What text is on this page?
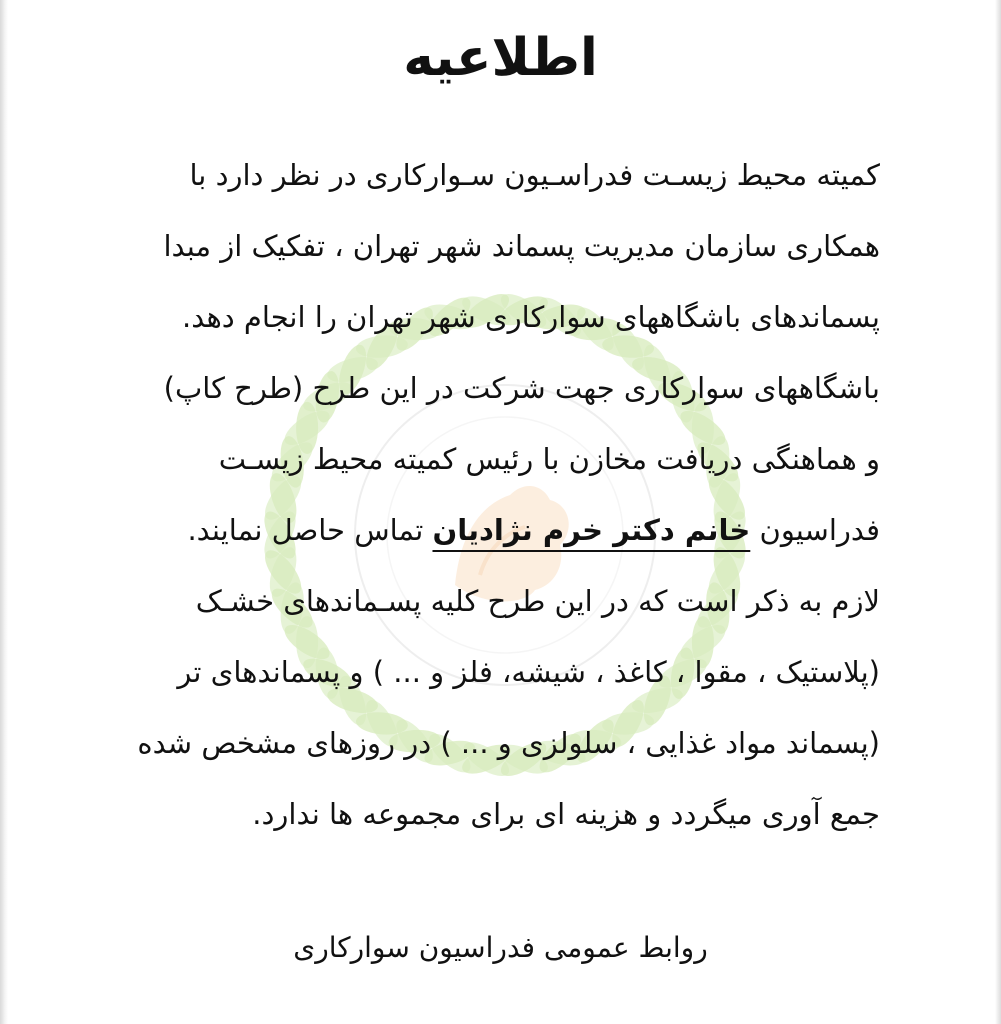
اطلاعیه
کمیته محیط زیسـت فدراسـیون سـوارکاری در نظر دارد با
همکاری سازمان مدیریت پسماند شهر تهران ، تفکیک از مبدا
پسماندهای باشگاههای سوارکاری شهر تهران را انجام دهد.
باشگاههای سوارکاری جهت شرکت در این طرح (طرح کاپ)
و هماهنگی دریافت مخازن با رئیس کمیته محیط زیسـت
فدراسیون خانم دکتر خرم نژادیان تماس حاصل نمایند.
لازم به ذکر است که در این طرح کلیه پسـماندهای خشـک
(پلاستیک ، مقوا ، کاغذ ، شیشه، فلز و ... ) و پسماندهای تر
(پسماند مواد غذایی ، سلولزی و ... ) در روزهای مشخص شده
جمع آوری میگردد و هزینه ای برای مجموعه ها ندارد.
روابط عمومی فدراسیون سوارکاری
